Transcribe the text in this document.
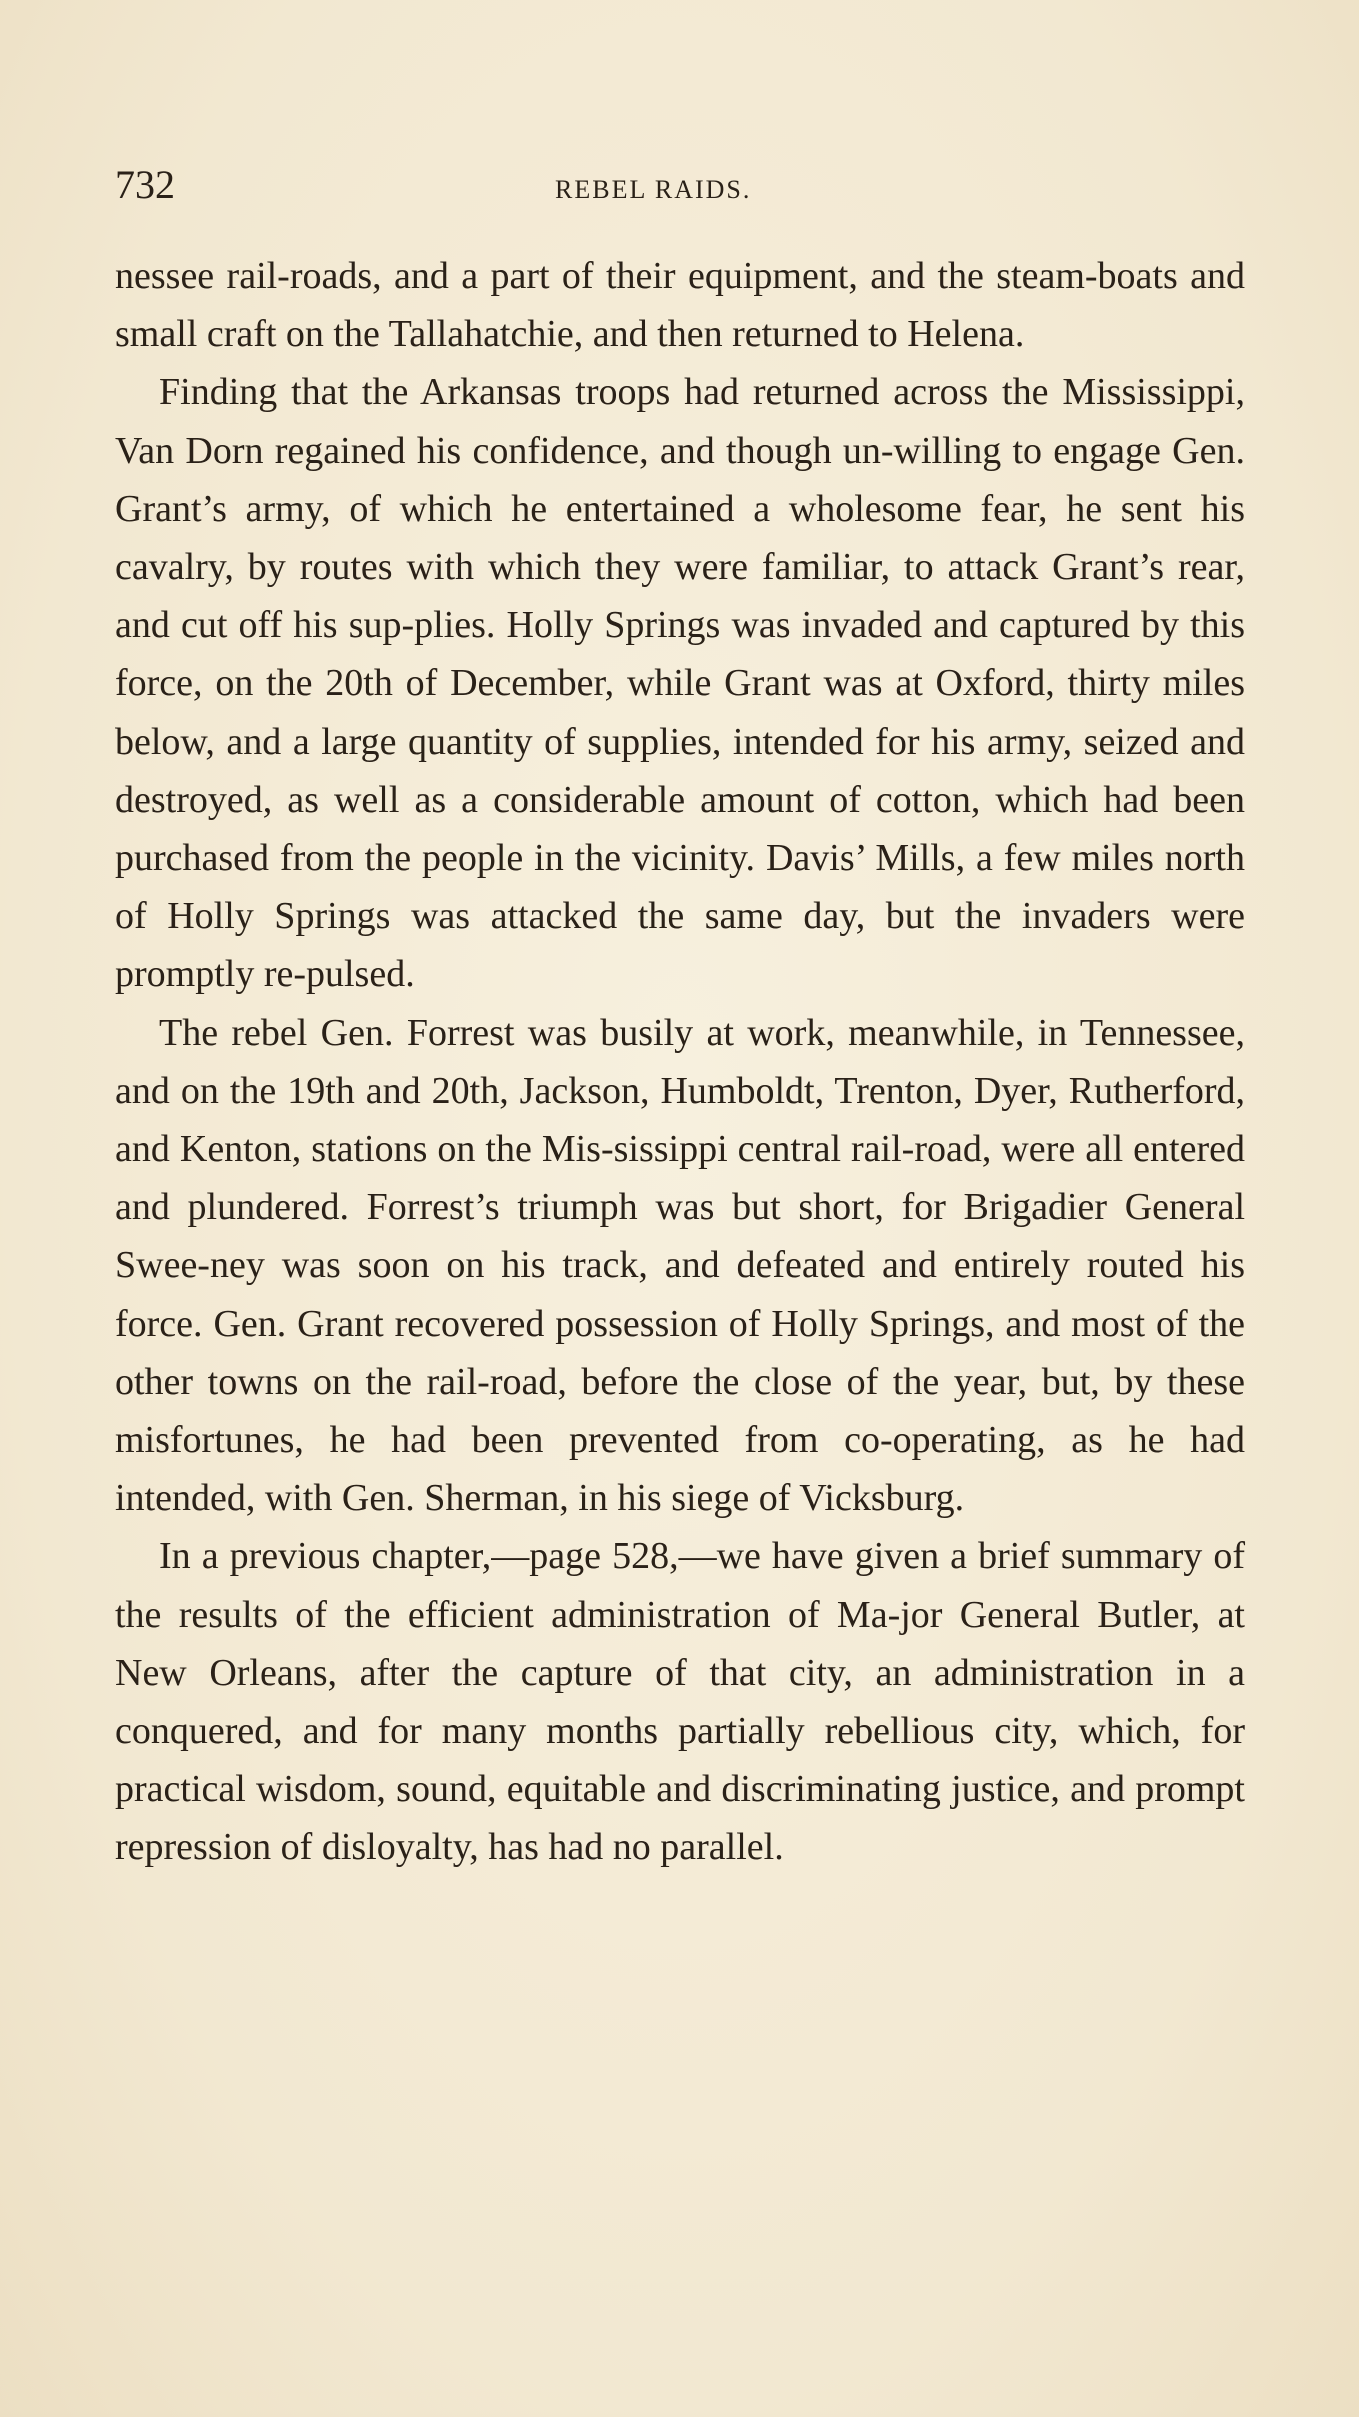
732	REBEL RAIDS.

nessee rail-roads, and a part of their equipment, and the steam-boats and small craft on the Tallahatchie, and then returned to Helena.

Finding that the Arkansas troops had returned across the Mississippi, Van Dorn regained his confidence, and though un-willing to engage Gen. Grant’s army, of which he entertained a wholesome fear, he sent his cavalry, by routes with which they were familiar, to attack Grant’s rear, and cut off his sup-plies. Holly Springs was invaded and captured by this force, on the 20th of December, while Grant was at Oxford, thirty miles below, and a large quantity of supplies, intended for his army, seized and destroyed, as well as a considerable amount of cotton, which had been purchased from the people in the vicinity. Davis’ Mills, a few miles north of Holly Springs was attacked the same day, but the invaders were promptly re-pulsed.

The rebel Gen. Forrest was busily at work, meanwhile, in Tennessee, and on the 19th and 20th, Jackson, Humboldt, Trenton, Dyer, Rutherford, and Kenton, stations on the Mis-sissippi central rail-road, were all entered and plundered. Forrest’s triumph was but short, for Brigadier General Swee-ney was soon on his track, and defeated and entirely routed his force. Gen. Grant recovered possession of Holly Springs, and most of the other towns on the rail-road, before the close of the year, but, by these misfortunes, he had been prevented from co-operating, as he had intended, with Gen. Sherman, in his siege of Vicksburg.

In a previous chapter,—page 528,—we have given a brief summary of the results of the efficient administration of Ma-jor General Butler, at New Orleans, after the capture of that city, an administration in a conquered, and for many months partially rebellious city, which, for practical wisdom, sound, equitable and discriminating justice, and prompt repression of disloyalty, has had no parallel.
